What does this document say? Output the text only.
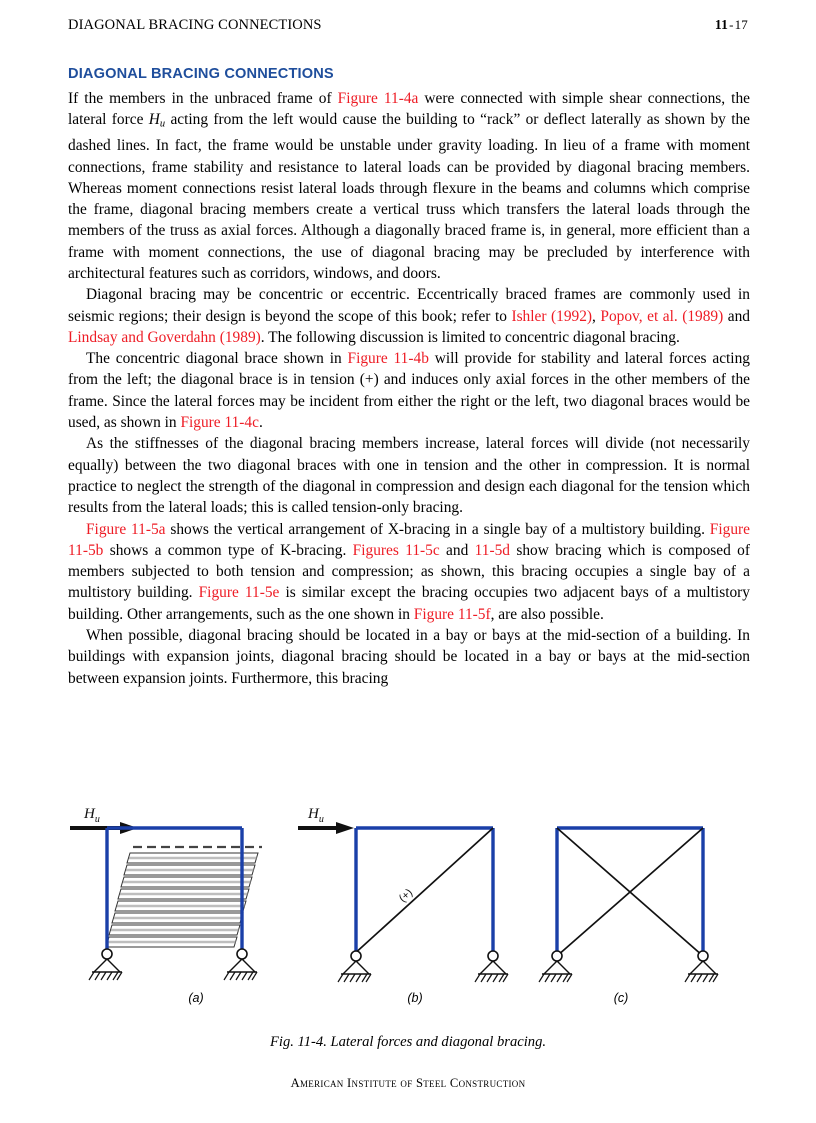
DIAGONAL BRACING CONNECTIONS	11-17
DIAGONAL BRACING CONNECTIONS

If the members in the unbraced frame of Figure 11-4a were connected with simple shear connections, the lateral force $H_u$ acting from the left would cause the building to “rack” or deflect laterally as shown by the dashed lines. In fact, the frame would be unstable under gravity loading. In lieu of a frame with moment connections, frame stability and resistance to lateral loads can be provided by diagonal bracing members. Whereas moment connections resist lateral loads through flexure in the beams and columns which comprise the frame, diagonal bracing members create a vertical truss which transfers the lateral loads through the members of the truss as axial forces. Although a diagonally braced frame is, in general, more efficient than a frame with moment connections, the use of diagonal bracing may be precluded by interference with architectural features such as corridors, windows, and doors.

Diagonal bracing may be concentric or eccentric. Eccentrically braced frames are commonly used in seismic regions; their design is beyond the scope of this book; refer to Ishler (1992), Popov, et al. (1989) and Lindsay and Goverdahn (1989). The following discussion is limited to concentric diagonal bracing.

The concentric diagonal brace shown in Figure 11-4b will provide for stability and lateral forces acting from the left; the diagonal brace is in tension (+) and induces only axial forces in the other members of the frame. Since the lateral forces may be incident from either the right or the left, two diagonal braces would be used, as shown in Figure 11-4c.

As the stiffnesses of the diagonal bracing members increase, lateral forces will divide (not necessarily equally) between the two diagonal braces with one in tension and the other in compression. It is normal practice to neglect the strength of the diagonal in compression and design each diagonal for the tension which results from the lateral loads; this is called tension-only bracing.

Figure 11-5a shows the vertical arrangement of X-bracing in a single bay of a multistory building. Figure 11-5b shows a common type of K-bracing. Figures 11-5c and 11-5d show bracing which is composed of members subjected to both tension and compression; as shown, this bracing occupies a single bay of a multistory building. Figure 11-5e is similar except the bracing occupies two adjacent bays of a multistory building. Other arrangements, such as the one shown in Figure 11-5f, are also possible.

When possible, diagonal bracing should be located in a bay or bays at the mid-section of a building. In buildings with expansion joints, diagonal bracing should be located in a bay or bays at the mid-section between expansion joints. Furthermore, this bracing

$H_u$	$H_u$
(+)
(a)	(b)	(c)
Fig. 11-4. Lateral forces and diagonal bracing.
American Institute of Steel Construction
